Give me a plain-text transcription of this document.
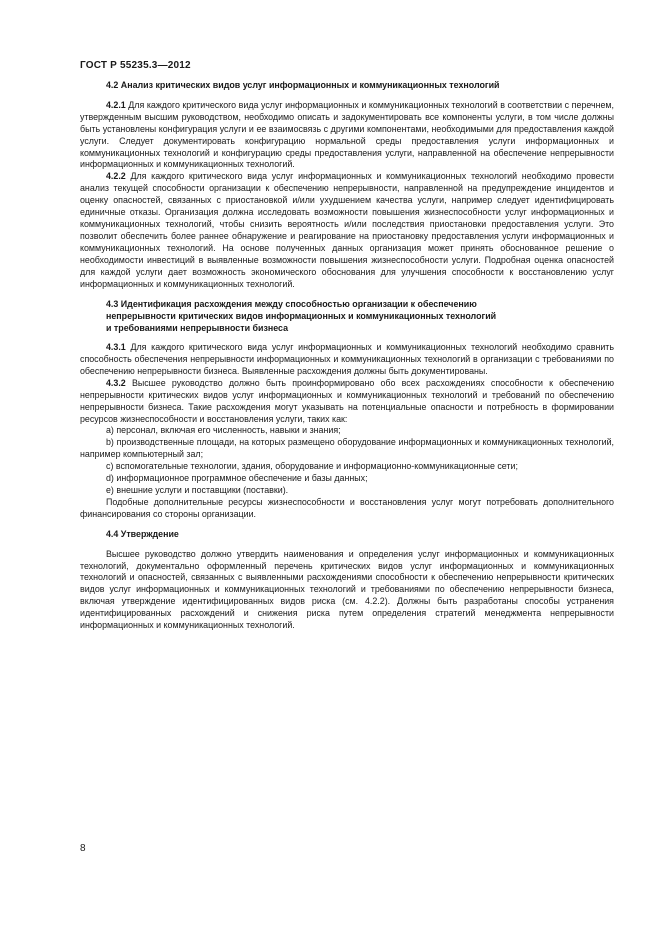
ГОСТ Р 55235.3—2012

4.2 Анализ критических видов услуг информационных и коммуникационных технологий

4.2.1 Для каждого критического вида услуг информационных и коммуникационных технологий в соответствии с перечнем, утвержденным высшим руководством, необходимо описать и задокументировать все компоненты услуги, в том числе должны быть установлены конфигурация услуги и ее взаимосвязь с другими компонентами, необходимыми для предоставления каждой услуги. Следует документировать конфигурацию нормальной среды предоставления услуги информационных и коммуникационных технологий и конфигурацию среды предоставления услуги, направленной на обеспечение непрерывности информационных и коммуникационных технологий.

4.2.2 Для каждого критического вида услуг информационных и коммуникационных технологий необходимо провести анализ текущей способности организации к обеспечению непрерывности, направленной на предупреждение инцидентов и оценку опасностей, связанных с приостановкой и/или ухудшением качества услуги, например следует идентифицировать единичные отказы. Организация должна исследовать возможности повышения жизнеспособности услуг информационных и коммуникационных технологий, чтобы снизить вероятность и/или последствия приостановки предоставления услуги. Это позволит обеспечить более раннее обнаружение и реагирование на приостановку предоставления услуги информационных и коммуникационных технологий. На основе полученных данных организация может принять обоснованное решение о необходимости инвестиций в выявленные возможности повышения жизнеспособности услуги. Подробная оценка опасностей для каждой услуги дает возможность экономического обоснования для улучшения способности к восстановлению услуг информационных и коммуникационных технологий.

4.3 Идентификация расхождения между способностью организации к обеспечению
непрерывности критических видов информационных и коммуникационных технологий
и требованиями непрерывности бизнеса

4.3.1 Для каждого критического вида услуг информационных и коммуникационных технологий необходимо сравнить способность обеспечения непрерывности информационных и коммуникационных технологий в организации с требованиями по обеспечению непрерывности бизнеса. Выявленные расхождения должны быть документированы.

4.3.2 Высшее руководство должно быть проинформировано обо всех расхождениях способности к обеспечению непрерывности критических видов услуг информационных и коммуникационных технологий и требований по обеспечению непрерывности бизнеса. Такие расхождения могут указывать на потенциальные опасности и потребность в формировании ресурсов жизнеспособности и восстановления услуги, таких как:

a) персонал, включая его численность, навыки и знания;

b) производственные площади, на которых размещено оборудование информационных и коммуникационных технологий, например компьютерный зал;

c) вспомогательные технологии, здания, оборудование и информационно-коммуникационные сети;

d) информационное программное обеспечение и базы данных;

e) внешние услуги и поставщики (поставки).

Подобные дополнительные ресурсы жизнеспособности и восстановления услуг могут потребовать дополнительного финансирования со стороны организации.

4.4 Утверждение

Высшее руководство должно утвердить наименования и определения услуг информационных и коммуникационных технологий, документально оформленный перечень критических видов услуг информационных и коммуникационных технологий и опасностей, связанных с выявленными расхождениями способности к обеспечению непрерывности критических видов услуг информационных и коммуникационных технологий и требованиями по обеспечению непрерывности бизнеса, включая утверждение идентифицированных видов риска (см. 4.2.2). Должны быть разработаны способы устранения идентифицированных расхождений и снижения риска путем определения стратегий менеджмента непрерывности информационных и коммуникационных технологий.

8
